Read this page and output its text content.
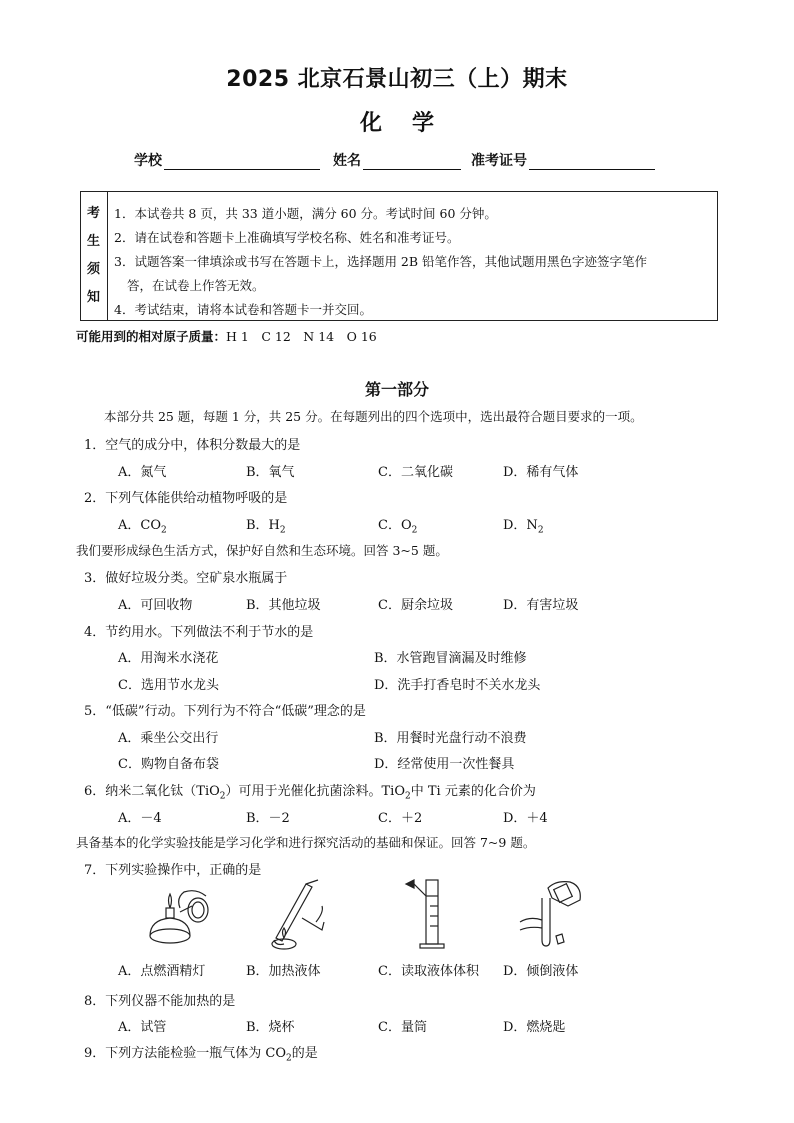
2025 北京石景山初三（上）期末
化学
学校	姓名	准考证号
考
生
须
知
1．本试卷共 8 页，共 33 道小题，满分 60 分。考试时间 60 分钟。
2．请在试卷和答题卡上准确填写学校名称、姓名和准考证号。
3．试题答案一律填涂或书写在答题卡上，选择题用 2B 铅笔作答，其他试题用黑色字迹签字笔作
答，在试卷上作答无效。
4．考试结束，请将本试卷和答题卡一并交回。
可能用到的相对原子质量：H 1　C 12　N 14　O 16
第一部分
本部分共 25 题，每题 1 分，共 25 分。在每题列出的四个选项中，选出最符合题目要求的一项。
1．空气的成分中，体积分数最大的是
A．氮气	B．氧气	C．二氧化碳	D．稀有气体
2．下列气体能供给动植物呼吸的是
A．$CO_2$	B．$H_2$	C．$O_2$	D．$N_2$
我们要形成绿色生活方式，保护好自然和生态环境。回答 3~5 题。
3．做好垃圾分类。空矿泉水瓶属于
A．可回收物	B．其他垃圾	C．厨余垃圾	D．有害垃圾
4．节约用水。下列做法不利于节水的是
A．用淘米水浇花	B．水管跑冒滴漏及时维修
C．选用节水龙头	D．洗手打香皂时不关水龙头
5．“低碳”行动。下列行为不符合“低碳”理念的是
A．乘坐公交出行	B．用餐时光盘行动不浪费
C．购物自备布袋	D．经常使用一次性餐具
6．纳米二氧化钛（TiO$_2$）可用于光催化抗菌涂料。TiO$_2$中 Ti 元素的化合价为
A．－4	B．－2	C．＋2	D．＋4
具备基本的化学实验技能是学习化学和进行探究活动的基础和保证。回答 7~9 题。
7．下列实验操作中，正确的是
A．点燃酒精灯	B．加热液体	C．读取液体体积 D．倾倒液体
8．下列仪器不能加热的是
A．试管	B．烧杯	C．量筒	D．燃烧匙
9．下列方法能检验一瓶气体为 $CO_2$的是
